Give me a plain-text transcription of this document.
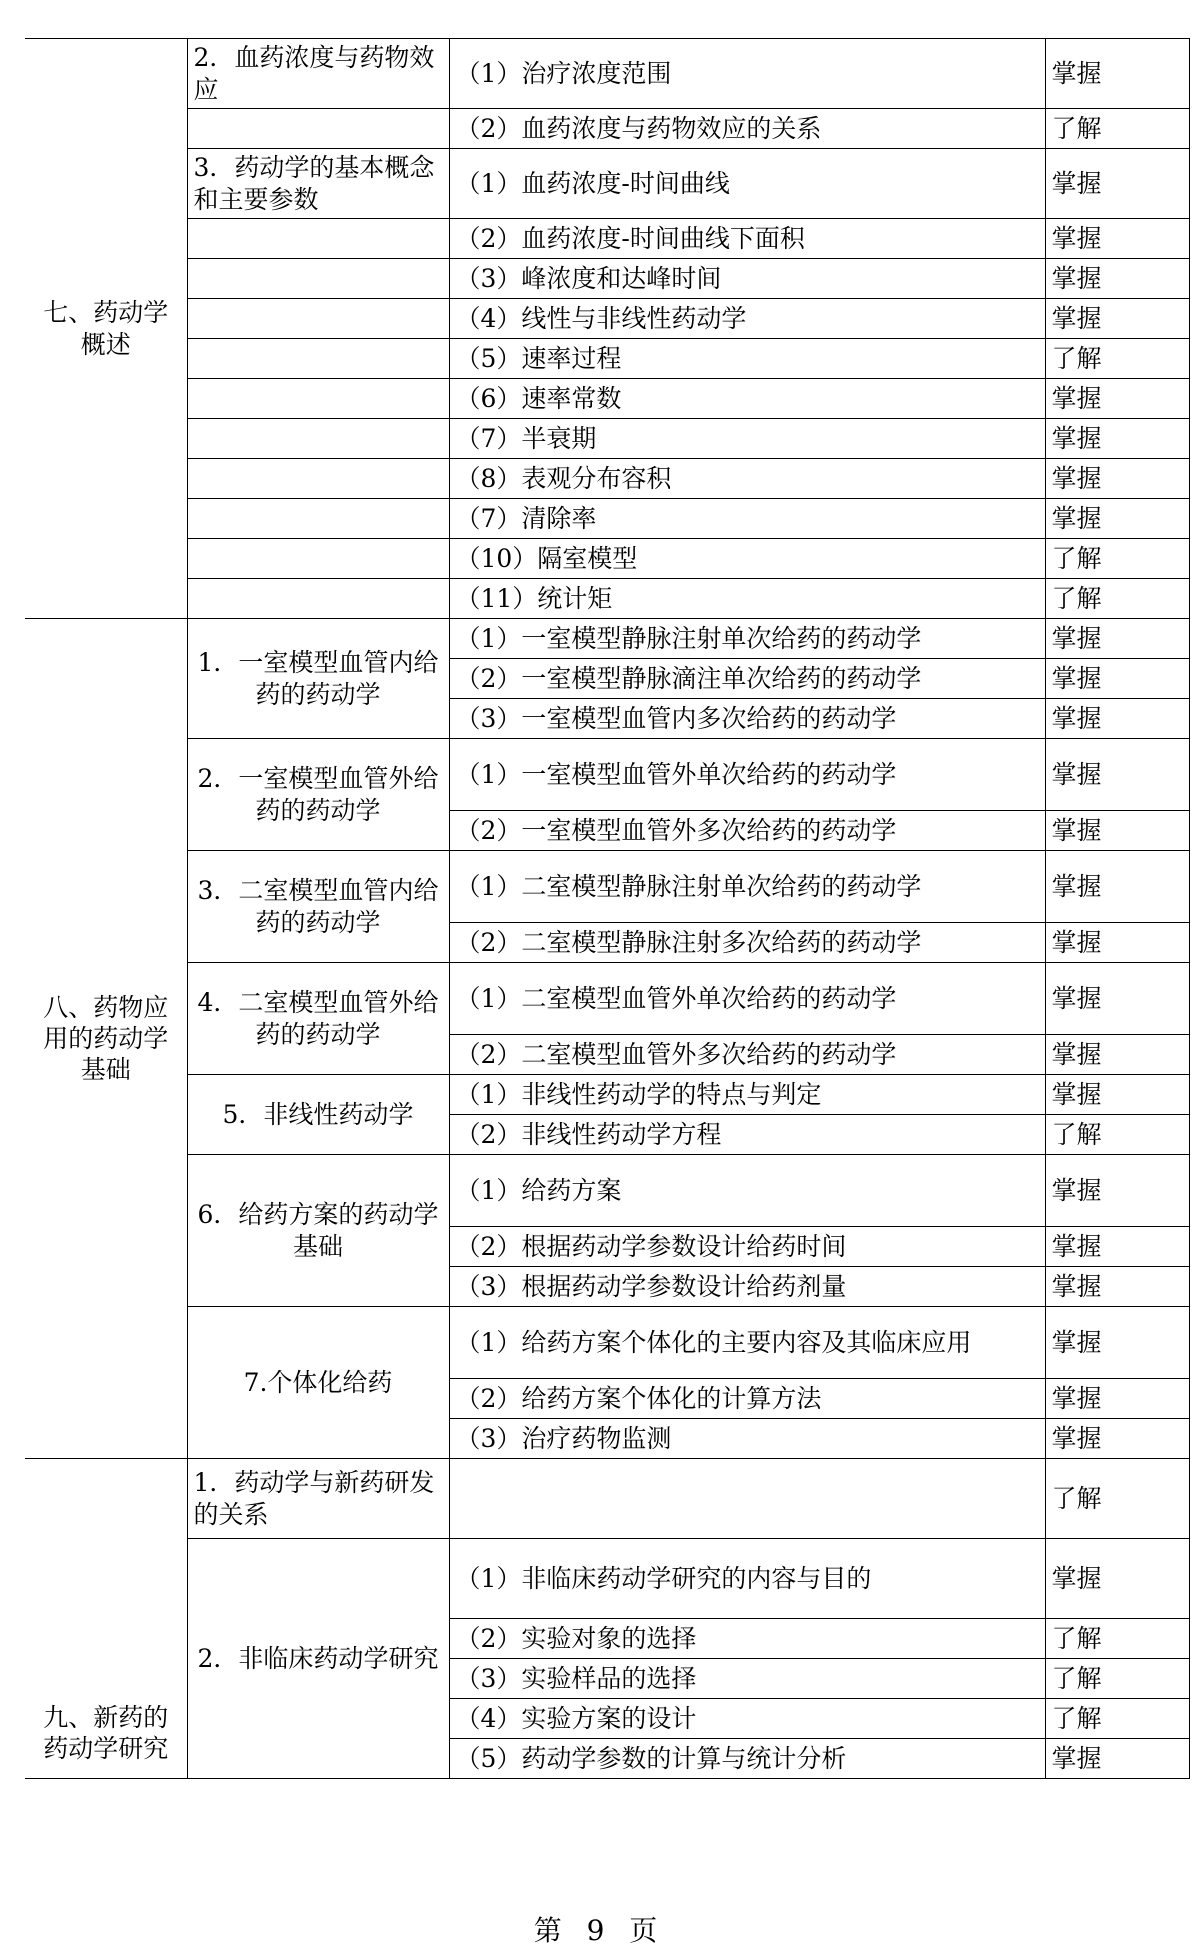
七、药动学概述	2．血药浓度与药物效应	（1）治疗浓度范围	掌握
		（2）血药浓度与药物效应的关系	了解
	3．药动学的基本概念和主要参数	（1）血药浓度-时间曲线	掌握
		（2）血药浓度-时间曲线下面积	掌握
		（3）峰浓度和达峰时间	掌握
		（4）线性与非线性药动学	掌握
		（5）速率过程	了解
		（6）速率常数	掌握
		（7）半衰期	掌握
		（8）表观分布容积	掌握
		（7）清除率	掌握
		（10）隔室模型	了解
		（11）统计矩	了解
八、药物应用的药动学基础	1．一室模型血管内给药的药动学	（1）一室模型静脉注射单次给药的药动学	掌握
		（2）一室模型静脉滴注单次给药的药动学	掌握
		（3）一室模型血管内多次给药的药动学	掌握
	2．一室模型血管外给药的药动学	（1）一室模型血管外单次给药的药动学	掌握
		（2）一室模型血管外多次给药的药动学	掌握
	3．二室模型血管内给药的药动学	（1）二室模型静脉注射单次给药的药动学	掌握
		（2）二室模型静脉注射多次给药的药动学	掌握
	4．二室模型血管外给药的药动学	（1）二室模型血管外单次给药的药动学	掌握
		（2）二室模型血管外多次给药的药动学	掌握
	5．非线性药动学	（1）非线性药动学的特点与判定	掌握
		（2）非线性药动学方程	了解
	6．给药方案的药动学基础	（1）给药方案	掌握
		（2）根据药动学参数设计给药时间	掌握
		（3）根据药动学参数设计给药剂量	掌握
	7.个体化给药	（1）给药方案个体化的主要内容及其临床应用	掌握
		（2）给药方案个体化的计算方法	掌握
		（3）治疗药物监测	掌握
九、新药的药动学研究	1．药动学与新药研发的关系		了解
	2．非临床药动学研究	（1）非临床药动学研究的内容与目的	掌握
		（2）实验对象的选择	了解
		（3）实验样品的选择	了解
		（4）实验方案的设计	了解
		（5）药动学参数的计算与统计分析	掌握
第 9 页
